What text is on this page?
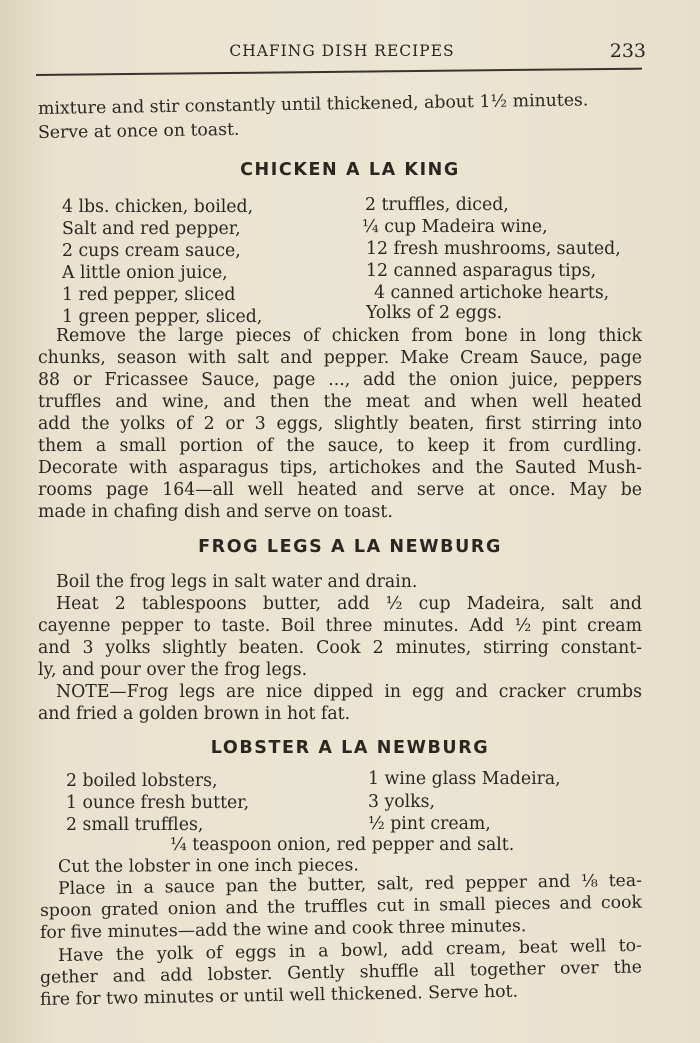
CHAFING DISH RECIPES	233
mixture and stir constantly until thickened, about 1½ minutes.
Serve at once on toast.
CHICKEN A LA KING
4 lbs. chicken, boiled,
Salt and red pepper,
2 cups cream sauce,
A little onion juice,
1 red pepper, sliced
1 green pepper, sliced,
2 truffles, diced,
¼ cup Madeira wine,
12 fresh mushrooms, sauted,
12 canned asparagus tips,
4 canned artichoke hearts,
Yolks of 2 eggs.
Remove the large pieces of chicken from bone in long thick
chunks, season with salt and pepper. Make Cream Sauce, page
88 or Fricassee Sauce, page ..., add the onion juice, peppers
truffles and wine, and then the meat and when well heated
add the yolks of 2 or 3 eggs, slightly beaten, first stirring into
them a small portion of the sauce, to keep it from curdling.
Decorate with asparagus tips, artichokes and the Sauted Mush-
rooms page 164—all well heated and serve at once. May be
made in chafing dish and serve on toast.
FROG LEGS A LA NEWBURG
Boil the frog legs in salt water and drain.
Heat 2 tablespoons butter, add ½ cup Madeira, salt and
cayenne pepper to taste. Boil three minutes. Add ½ pint cream
and 3 yolks slightly beaten. Cook 2 minutes, stirring constant-
ly, and pour over the frog legs.
NOTE—Frog legs are nice dipped in egg and cracker crumbs
and fried a golden brown in hot fat.
LOBSTER A LA NEWBURG
2 boiled lobsters,
1 ounce fresh butter,
2 small truffles,
1 wine glass Madeira,
3 yolks,
½ pint cream,
¼ teaspoon onion, red pepper and salt.
Cut the lobster in one inch pieces.
Place in a sauce pan the butter, salt, red pepper and ⅛ tea-
spoon grated onion and the truffles cut in small pieces and cook
for five minutes—add the wine and cook three minutes.
Have the yolk of eggs in a bowl, add cream, beat well to-
gether and add lobster. Gently shuffle all together over the
fire for two minutes or until well thickened. Serve hot.
